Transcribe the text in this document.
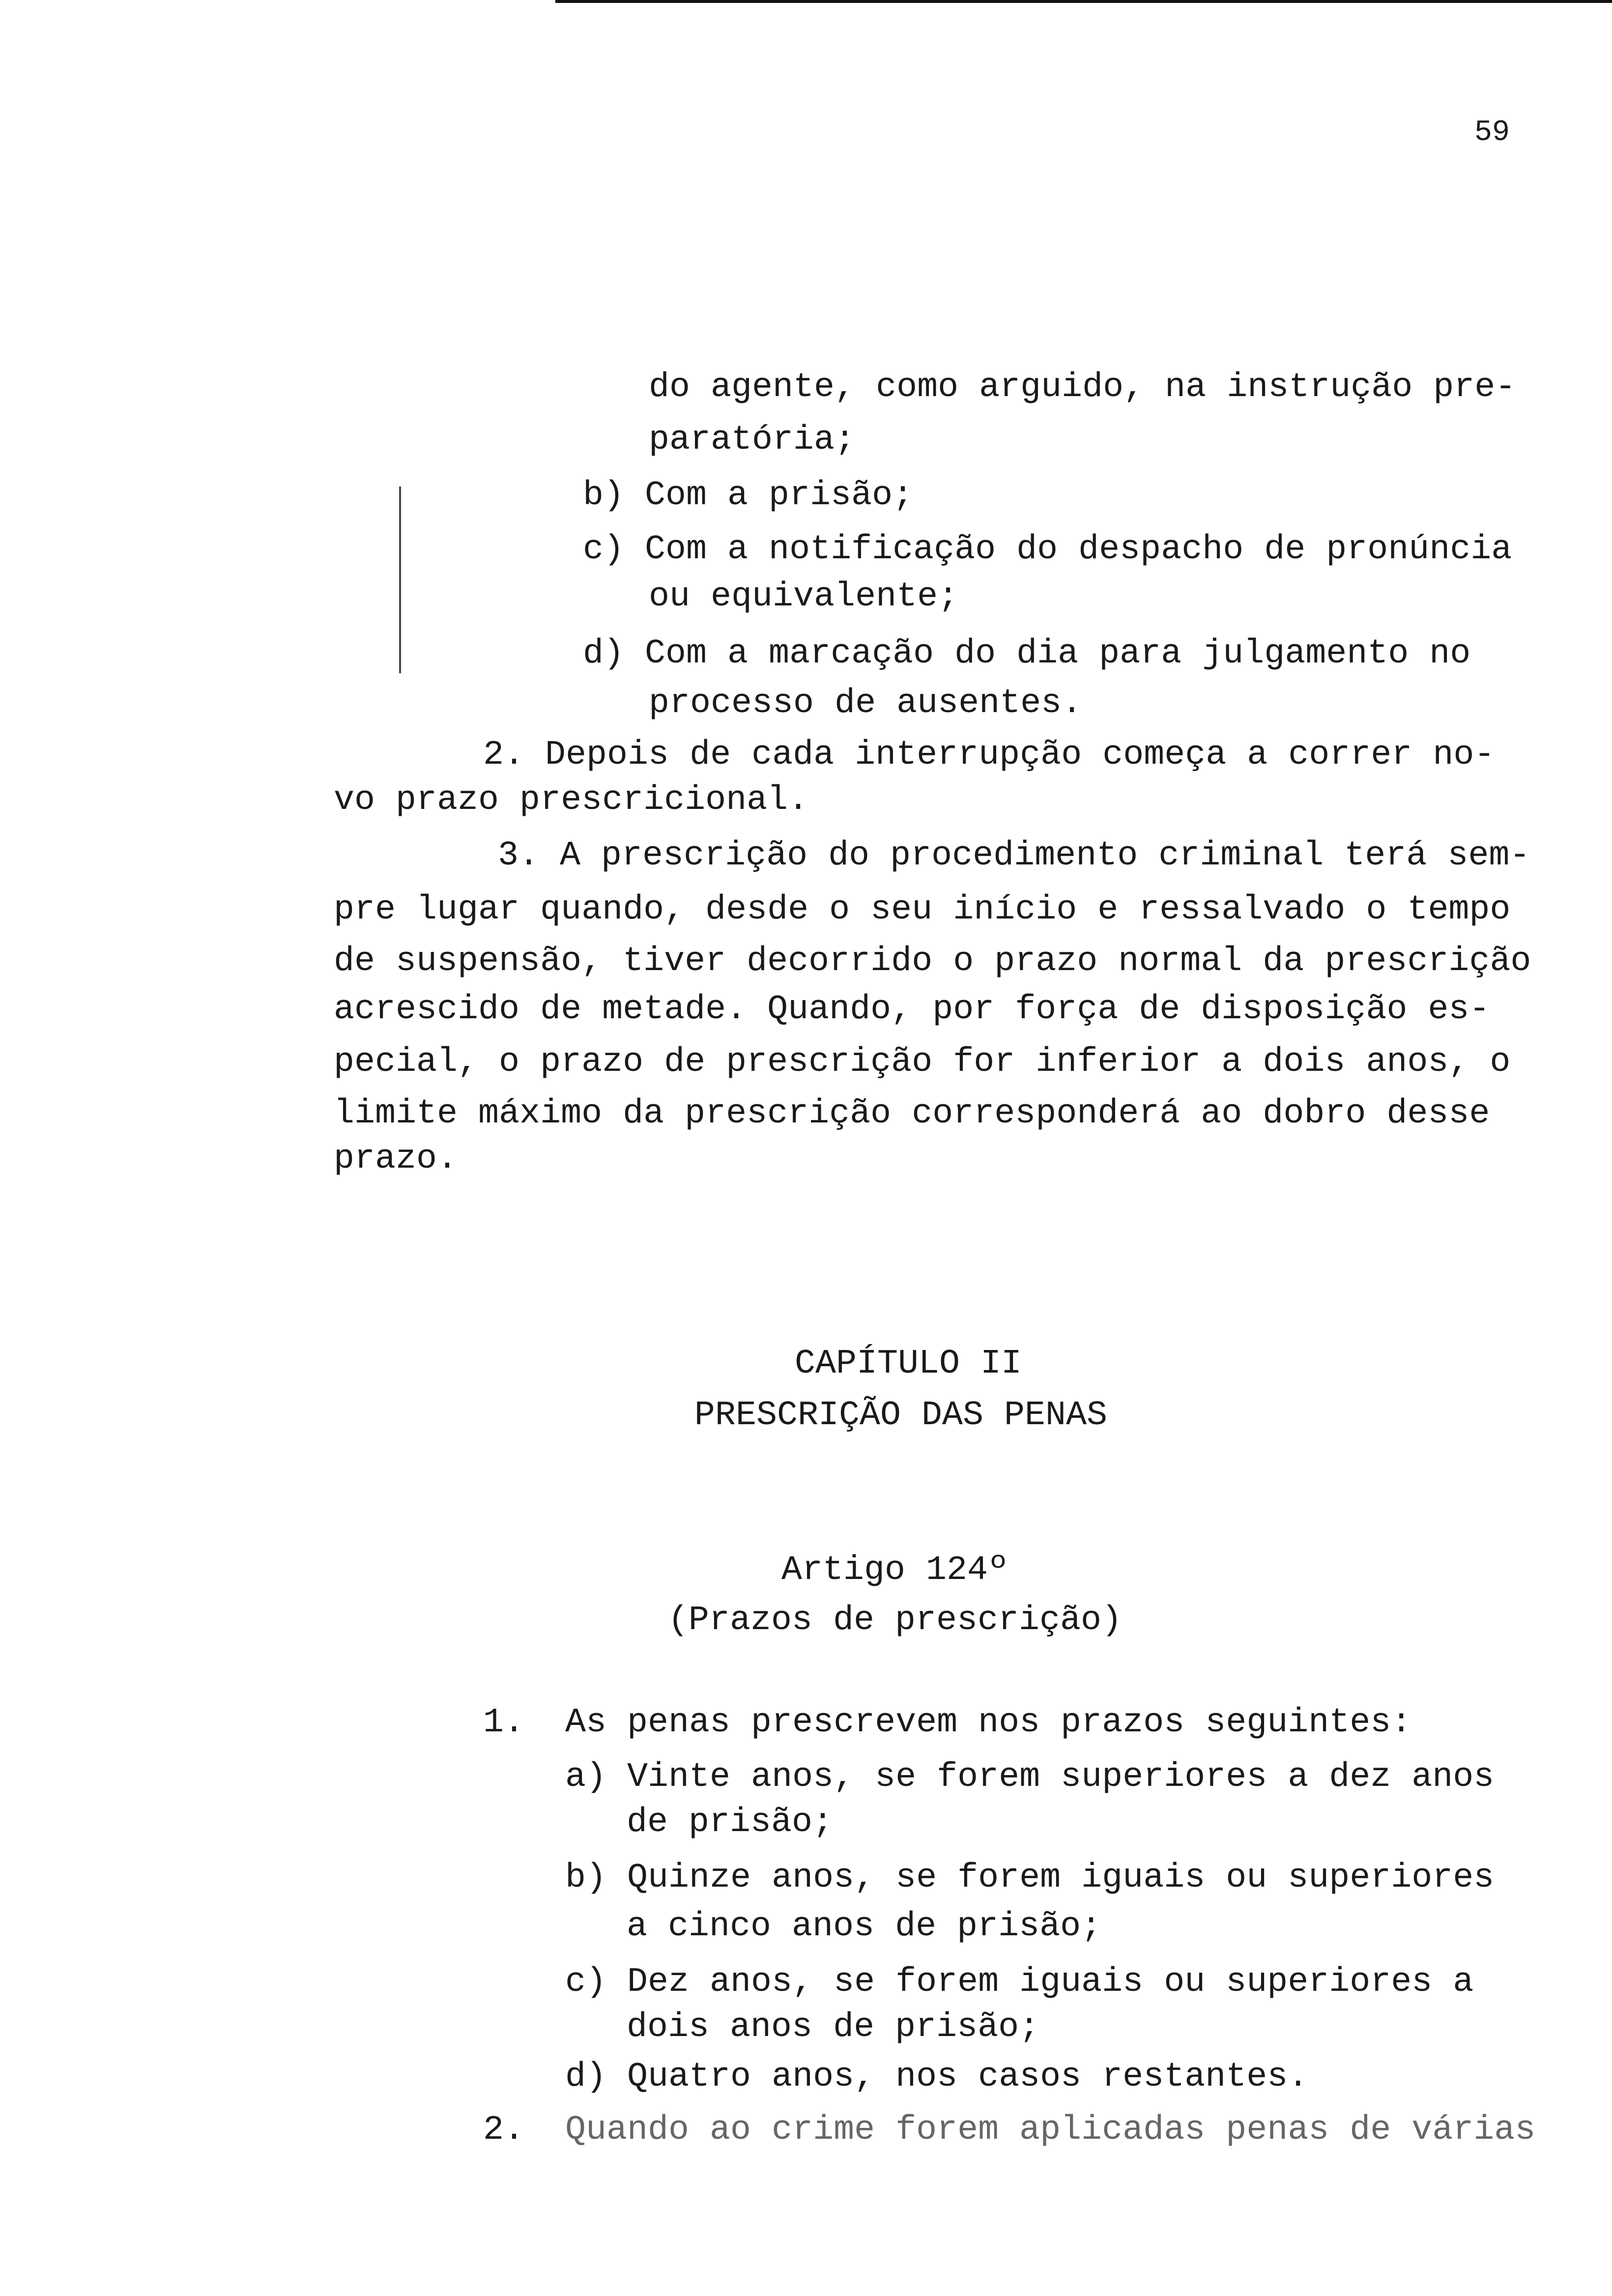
59
do agente, como arguido, na instrução pre-
paratória;
b) Com a prisão;
c) Com a notificação do despacho de pronúncia
ou equivalente;
d) Com a marcação do dia para julgamento no
processo de ausentes.
2. Depois de cada interrupção começa a correr no-
vo prazo prescricional.
3. A prescrição do procedimento criminal terá sem-
pre lugar quando, desde o seu início e ressalvado o tempo
de suspensão, tiver decorrido o prazo normal da prescrição
acrescido de metade. Quando, por força de disposição es-
pecial, o prazo de prescrição for inferior a dois anos, o
limite máximo da prescrição corresponderá ao dobro desse
prazo.
CAPÍTULO II
PRESCRIÇÃO DAS PENAS
Artigo 124º
(Prazos de prescrição)
1. As penas prescrevem nos prazos seguintes:
a) Vinte anos, se forem superiores a dez anos
de prisão;
b) Quinze anos, se forem iguais ou superiores
a cinco anos de prisão;
c) Dez anos, se forem iguais ou superiores a
dois anos de prisão;
d) Quatro anos, nos casos restantes.
2. Quando ao crime forem aplicadas penas de várias
